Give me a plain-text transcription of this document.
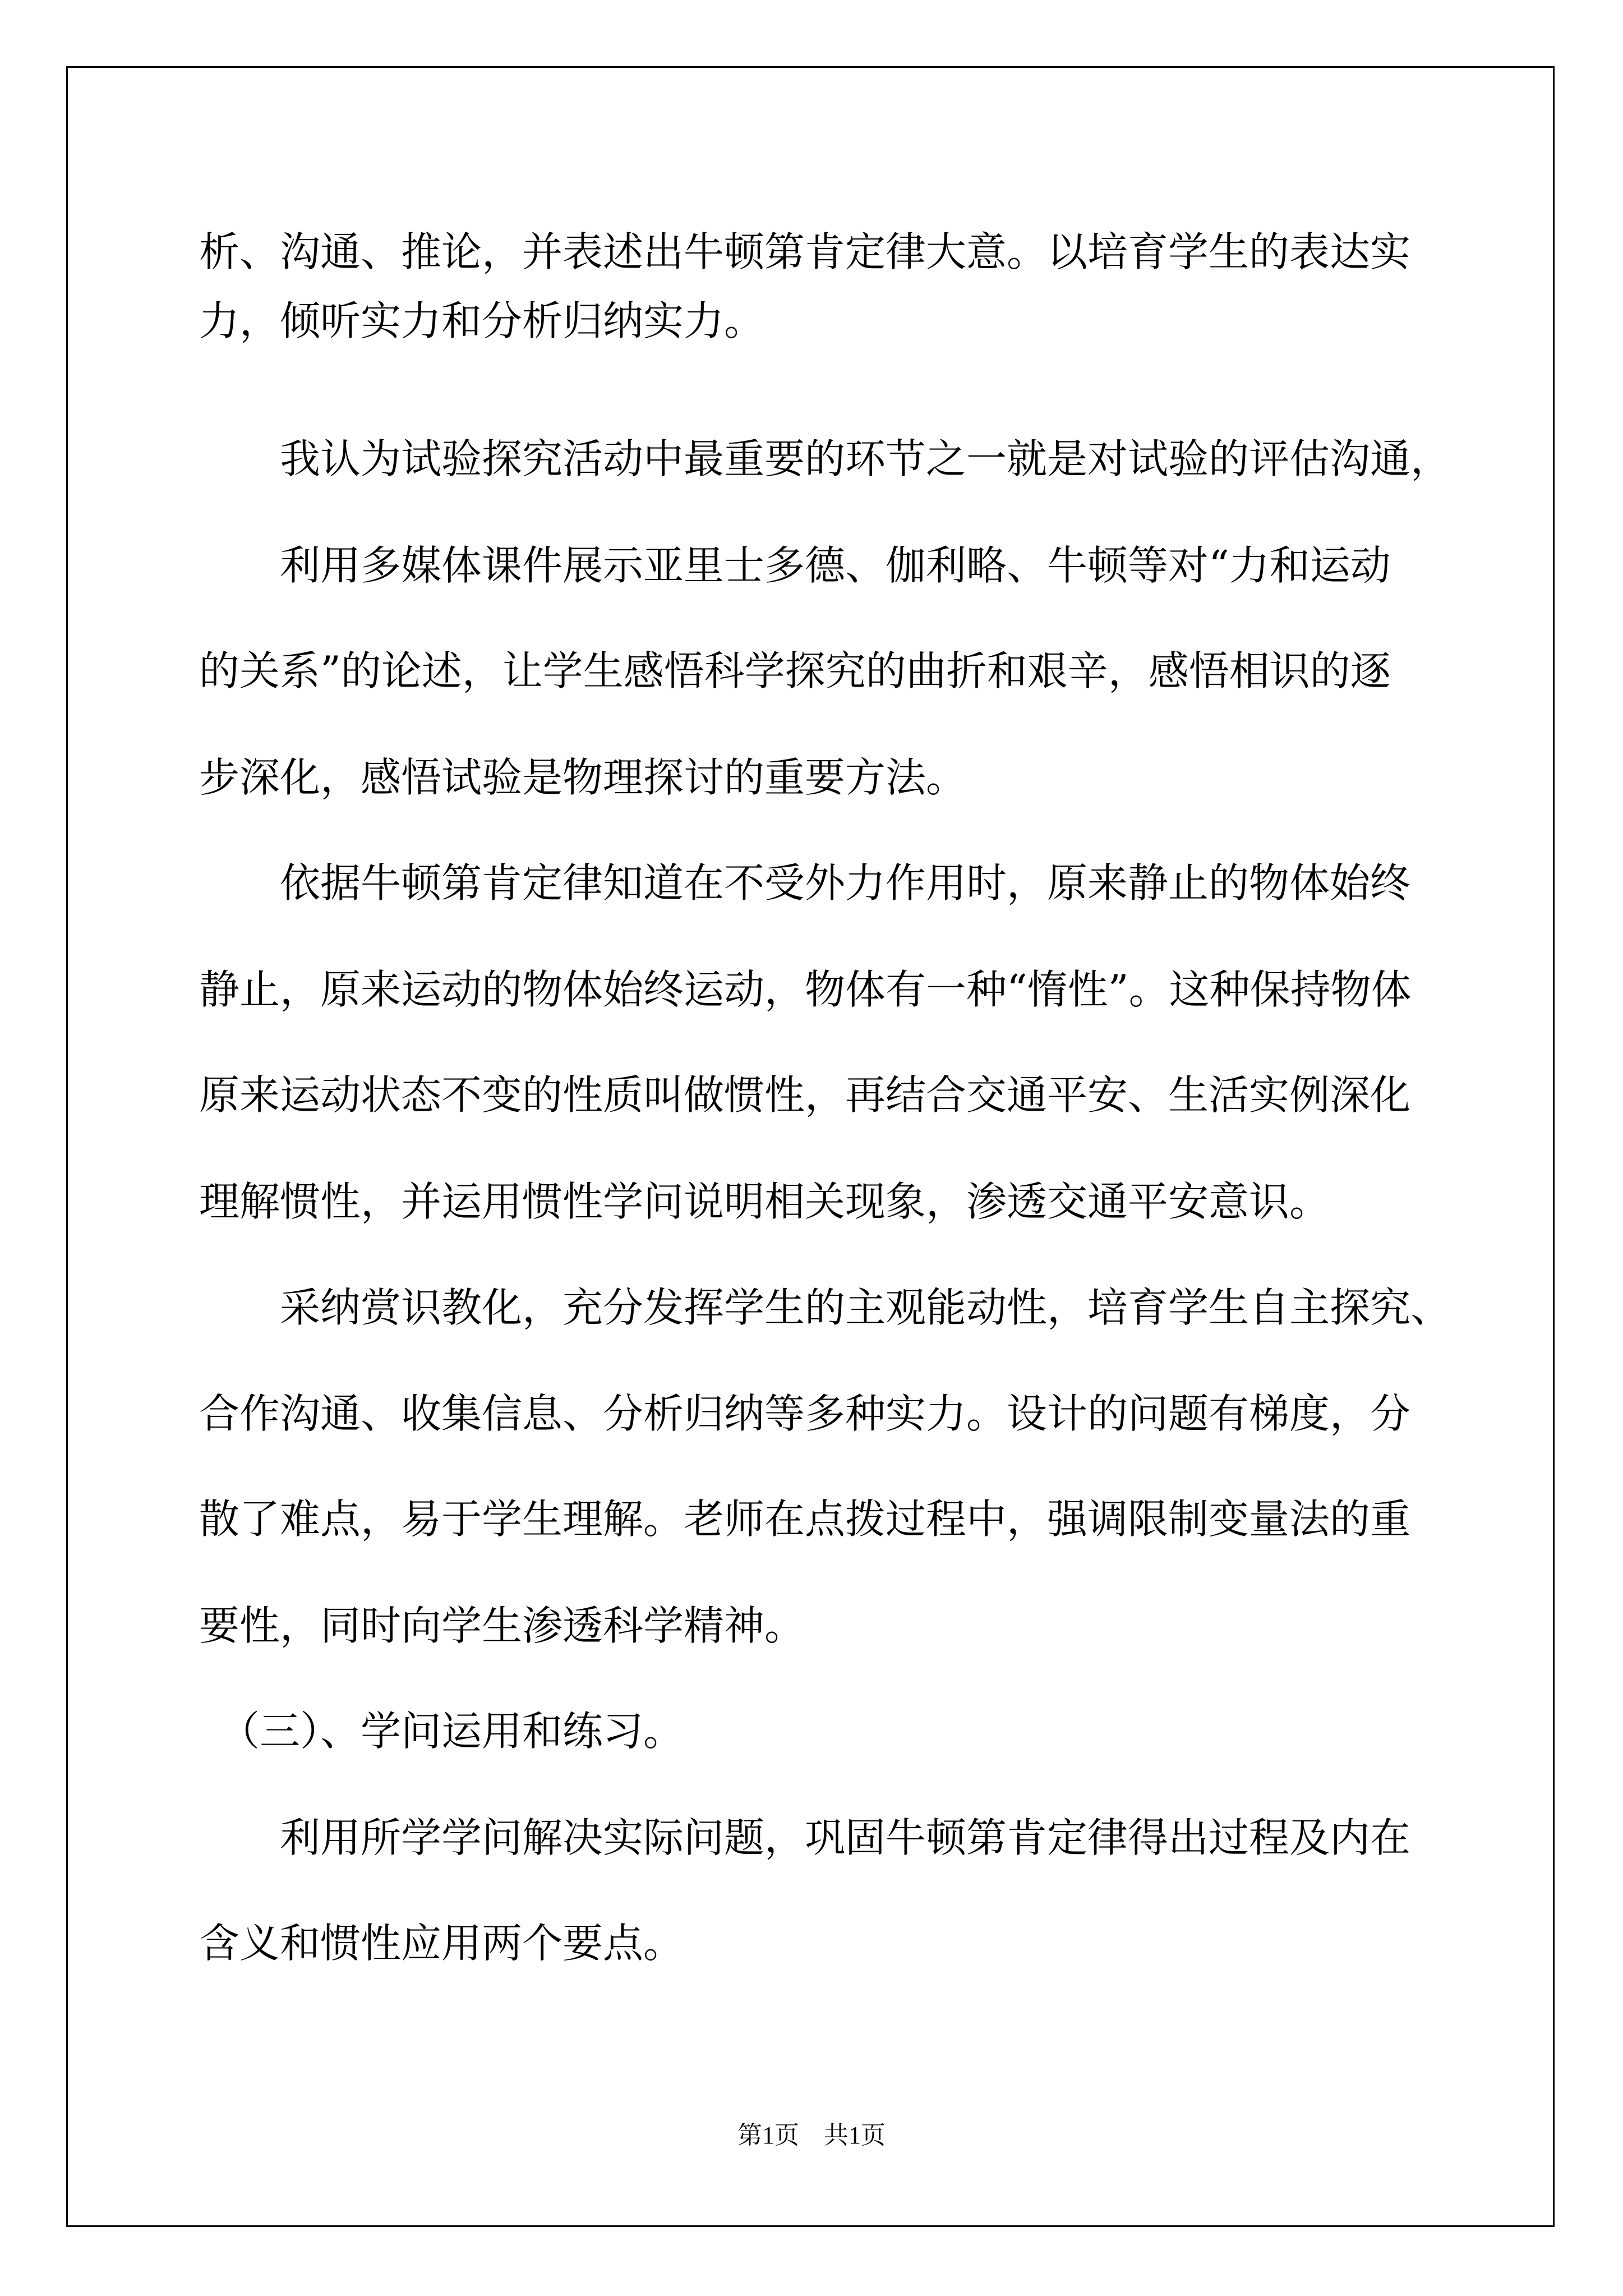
析、沟通、推论，并表述出牛顿第肯定律大意。以培育学生的表达实
力，倾听实力和分析归纳实力。
　　我认为试验探究活动中最重要的环节之一就是对试验的评估沟通，
　　利用多媒体课件展示亚里士多德、伽利略、牛顿等对“力和运动
的关系”的论述，让学生感悟科学探究的曲折和艰辛，感悟相识的逐
步深化，感悟试验是物理探讨的重要方法。
　　依据牛顿第肯定律知道在不受外力作用时，原来静止的物体始终
静止，原来运动的物体始终运动，物体有一种“惰性”。这种保持物体
原来运动状态不变的性质叫做惯性，再结合交通平安、生活实例深化
理解惯性，并运用惯性学问说明相关现象，渗透交通平安意识。
　　采纳赏识教化，充分发挥学生的主观能动性，培育学生自主探究、
合作沟通、收集信息、分析归纳等多种实力。设计的问题有梯度，分
散了难点，易于学生理解。老师在点拨过程中，强调限制变量法的重
要性，同时向学生渗透科学精神。
　（三）、学问运用和练习。
　　利用所学学问解决实际问题，巩固牛顿第肯定律得出过程及内在
含义和惯性应用两个要点。
第1页　共1页
